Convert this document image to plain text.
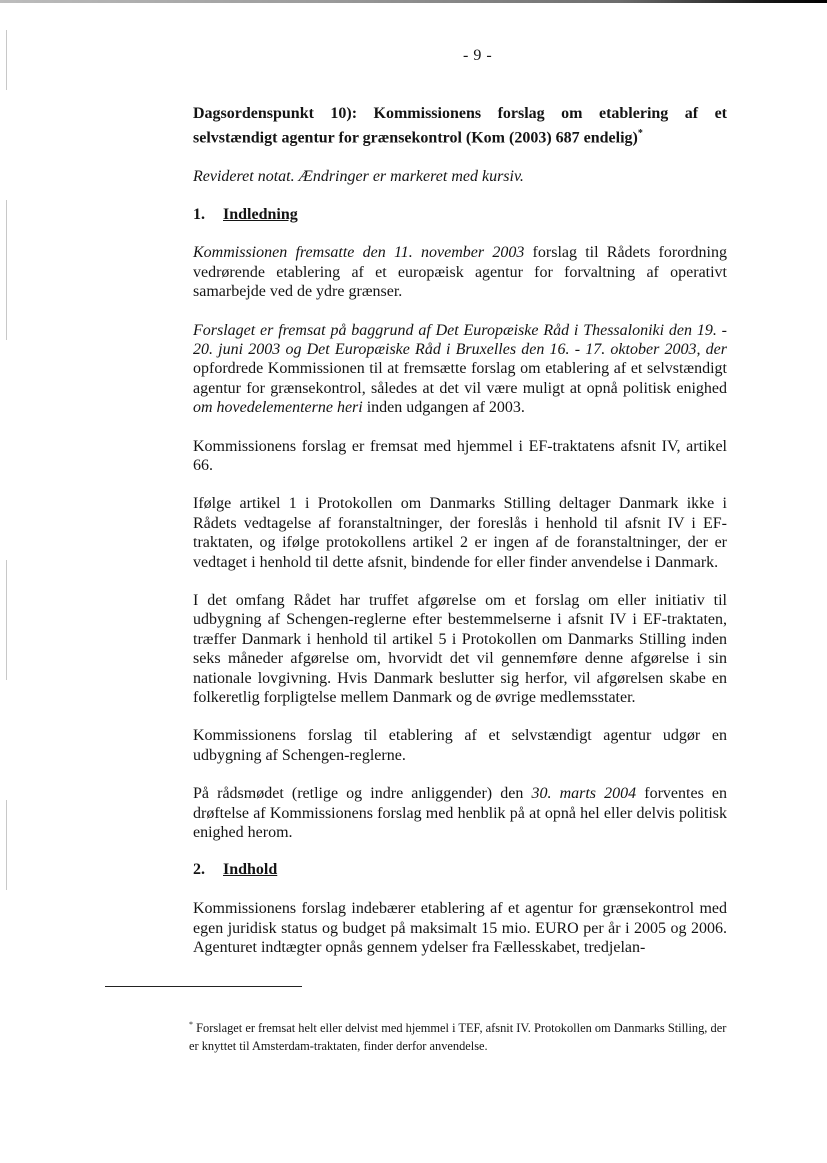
- 9 -
Dagsordenspunkt 10): Kommissionens forslag om etablering af et selvstændigt agentur for grænsekontrol (Kom (2003) 687 endelig)*
Revideret notat. Ændringer er markeret med kursiv.
1. Indledning

Kommissionen fremsatte den 11. november 2003 forslag til Rådets forordning vedrørende etablering af et europæisk agentur for forvaltning af operativt samarbejde ved de ydre grænser.

Forslaget er fremsat på baggrund af Det Europæiske Råd i Thessaloniki den 19. - 20. juni 2003 og Det Europæiske Råd i Bruxelles den 16. - 17. oktober 2003, der opfordrede Kommissionen til at fremsætte forslag om etablering af et selvstændigt agentur for grænsekontrol, således at det vil være muligt at opnå politisk enighed om hovedelementerne heri inden udgangen af 2003.

Kommissionens forslag er fremsat med hjemmel i EF-traktatens afsnit IV, artikel 66.

Ifølge artikel 1 i Protokollen om Danmarks Stilling deltager Danmark ikke i Rådets vedtagelse af foranstaltninger, der foreslås i henhold til afsnit IV i EF-traktaten, og ifølge protokollens artikel 2 er ingen af de foranstaltninger, der er vedtaget i henhold til dette afsnit, bindende for eller finder anvendelse i Danmark.

I det omfang Rådet har truffet afgørelse om et forslag om eller initiativ til udbygning af Schengen-reglerne efter bestemmelserne i afsnit IV i EF-traktaten, træffer Danmark i henhold til artikel 5 i Protokollen om Danmarks Stilling inden seks måneder afgørelse om, hvorvidt det vil gennemføre denne afgørelse i sin nationale lovgivning. Hvis Danmark beslutter sig herfor, vil afgørelsen skabe en folkeretlig forpligtelse mellem Danmark og de øvrige medlemsstater.

Kommissionens forslag til etablering af et selvstændigt agentur udgør en udbygning af Schengen-reglerne.

På rådsmødet (retlige og indre anliggender) den 30. marts 2004 forventes en drøftelse af Kommissionens forslag med henblik på at opnå hel eller delvis politisk enighed herom.

2. Indhold

Kommissionens forslag indebærer etablering af et agentur for grænsekontrol med egen juridisk status og budget på maksimalt 15 mio. EURO per år i 2005 og 2006. Agenturet indtægter opnås gennem ydelser fra Fællesskabet, tredjelan-

* Forslaget er fremsat helt eller delvist med hjemmel i TEF, afsnit IV. Protokollen om Danmarks Stilling, der er knyttet til Amsterdam-traktaten, finder derfor anvendelse.
